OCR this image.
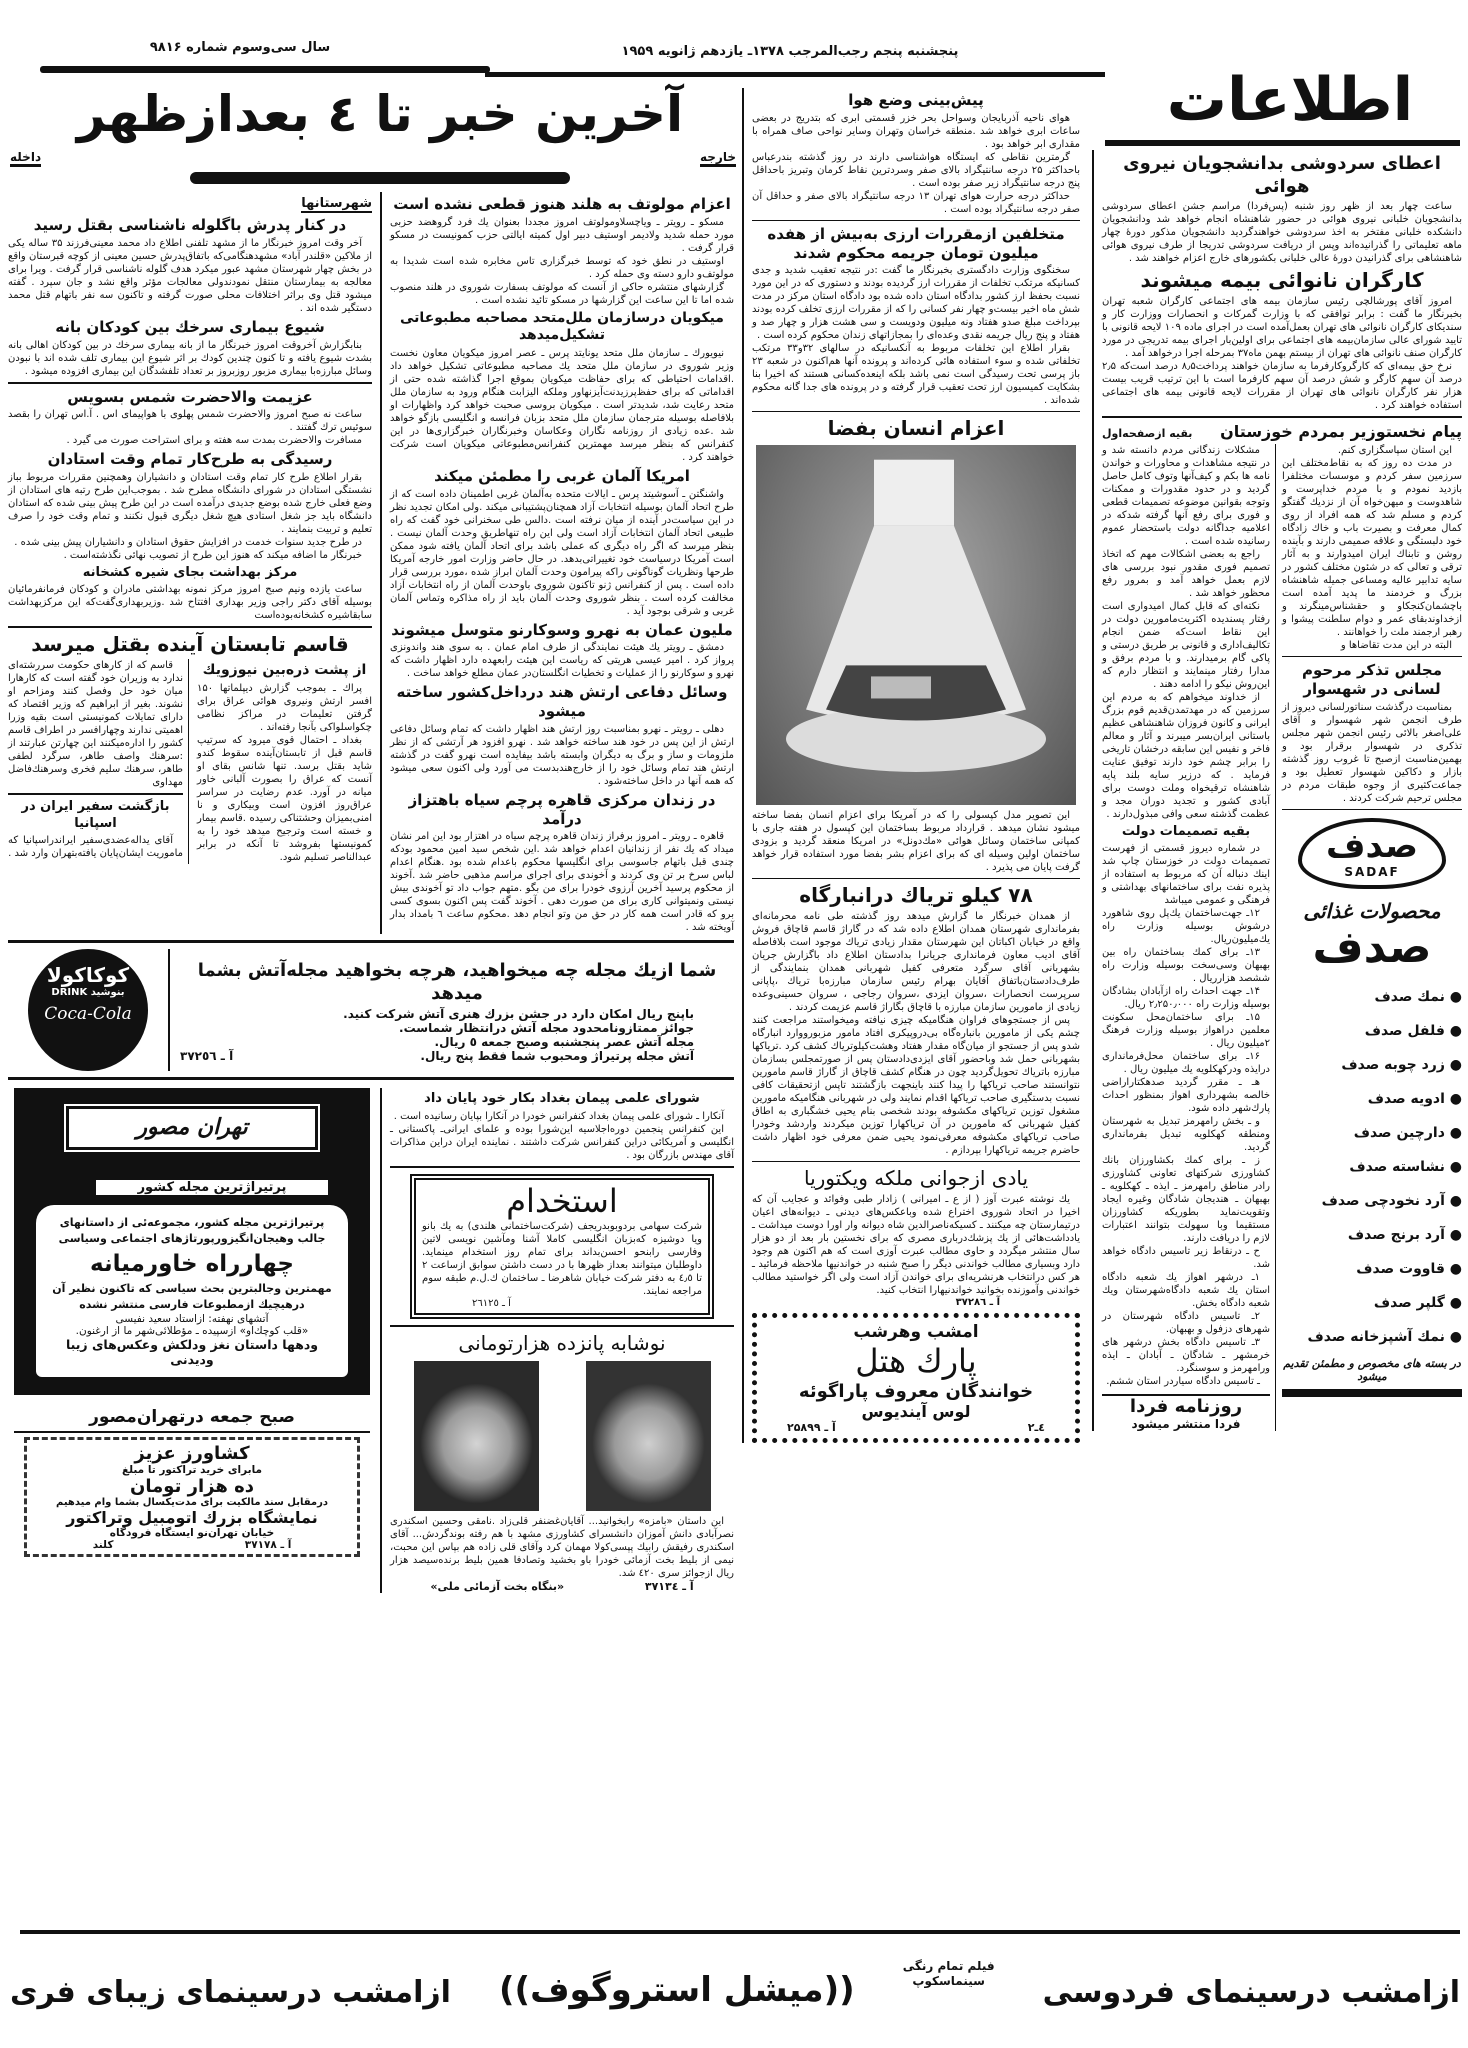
پنجشنبه پنجم رجب‌المرجب ۱۳۷۸ـ یازدهم ژانویه ۱۹۵۹
سال سی‌وسوم شماره ۹۸۱۶
اطلاعات
آخرین خبر تا ٤ بعدازظهر
داخله	خارجه	اعطای سردوشی بدانشجویان نیروی هوائی

ساعت چهار بعد از ظهر روز شنبه (پس‌فردا) مراسم جشن اعطای سردوشی بدانشجویان خلبانی نیروی هوائی در حضور شاهنشاه انجام خواهد شد ودانشجویان دانشکده خلبانی مفتخر به اخذ سردوشی خواهندگردید دانشجویان مذکور دورهٔ چهار ماهه تعلیماتی را گذرانیده‌اند وپس از دریافت سردوشی تدریجا از طرف نیروی هوائی شاهنشاهی برای گذرانیدن دورهٔ عالی خلبانی بکشورهای خارج اعزام خواهند شد .

کارگران نانوائی بیمه میشوند

امروز آقای پورشالچی رئیس سازمان بیمه های اجتماعی کارگران شعبه تهران بخبرنگار ما گفت : برابر توافقی که با وزارت گمرکات و انحصارات ووزارت کار و سندیکای کارگران نانوائی های تهران بعمل‌آمده است در اجرای ماده ۱۰۹ لایحه قانونی با تایید شورای عالی سازمان‌بیمه های اجتماعی برای اولین‌بار اجرای بیمه تدریجی در مورد کارگران صنف نانوائی های تهران از بیستم بهمن ماه۳۷ بمرحله اجرا درخواهد آمد .

نرخ حق بیمه‌ای که کارگروکارفرما به سازمان خواهند پرداخت۸٫۵ درصد است‌که ۲٫۵ درصد آن سهم کارگر و شش درصد آن سهم کارفرما است با این ترتیب قریب بیست هزار نفر کارگران نانوائی های تهران از مقررات لایحه قانونی بیمه های اجتماعی استفاده خواهند کرد .

پیام نخستوزیر بمردم خوزستان
بقیه ازصفحه‌اول

این استان سپاسگزاری کنم.

در مدت ده روز که به نقاط‌مختلف این سرزمین سفر کردم و موسسات مختلفرا بازدید نمودم و با مردم خداپرست و شاهدوست و میهن‌خواه آن از نزدیك گفتگو کردم و مسلم شد که همه افراد از روی کمال معرفت و بصیرت باب و خاك زادگاه خود دلبستگی و علاقه صمیمی دارند و بآینده روشن و تابناك ایران امیدوارند و به آثار ترقی و تعالی که در شئون مختلف کشور در سایه تدابیر عالیه ومساعی جمیله شاهنشاه بزرگ و خردمند ما پدید آمده است باچشمان‌کنجکاو و حقشناس‌مینگرند و ازخداوندبقای عمر و دوام سلطنت پیشوا و رهبر ارجمند ملت را خواهانند .

البته در این مدت تقاضاها و

مجلس تذکر مرحوم لسانی در شهسوار

بمناسبت درگذشت سناتورلسانی دیروز از طرف انجمن شهر شهسوار و آقای علی‌اصغر بالائی رئیس انجمن شهر مجلس تذکری در شهسوار برقرار بود و بهمین‌مناسبت ازصبح تا غروب روز گذشته بازار و دکاکین شهسوار تعطیل بود و جماعت‌کثیری از وجوه طبقات مردم در مجلس ترحیم شرکت کردند .

صدف
SADAF
محصولات غذائی
صدف
● نمك صدف
● فلفل صدف
● زرد چوبه صدف
● ادویه صدف
● دارچین صدف
● نشاسته صدف
● آرد نخودچی صدف
● آرد برنج صدف
● قاووت صدف
● گلپر صدف
● نمك آشپزخانه صدف
در بسته های مخصوص و مطمئن تقدیم میشود

مشکلات زندگانی مردم دانسته شد و در نتیجه مشاهدات و محاورات و خواندن نامه ها بکم و کیف‌آنها وتوف کامل حاصل گردید و در حدود مقدورات و ممکنات وتوجه بقوانین موضوعه تصمیمات قطعی و فوری برای رفع آنها گرفته شدکه در اعلامیه جداگانه دولت باستحضار عموم رسانیده شده است .

راجع به بعضی اشکالات مهم که اتخاذ تصمیم فوری مقدور نبود بررسی های لازم بعمل خواهد آمد و بمرور رفع محظور خواهد شد .

نکته‌ای که قابل کمال امیدواری است رفتار پسندیده اکثریت‌مامورین دولت در این نقاط است‌که ضمن انجام تکالیف‌اداری و قانونی بر طریق درستی و پاکی گام برمیدارند. و با مردم برفق و مدارا رفتار مینمایند و انتظار دارم که این‌روش نیکو را ادامه دهند .

از خداوند میخواهم که به مردم این سرزمین که در مهدتمدن‌قدیم قوم بزرگ ایرانی و کانون فروزان شاهنشاهی عظیم باستانی ایران‌بسر میبرند و آثار و معالم فاخر و نفیس این سابقه درخشان تاریخی را برابر چشم خود دارند توفیق عنایت فرماید . که درزیر سایه بلند پایه شاهنشاه ترقیخواه وملت دوست برای آبادی کشور و تجدید دوران مجد و عظمت گذشته سعی وافی مبذول‌دارند .

بقیه تصمیمات دولت

در شماره دیروز قسمتی از فهرست تصمیمات دولت در خوزستان چاپ شد اینك دنباله آن که مربوط به استفاده از پذیره نفت برای ساختمانهای بهداشتی و فرهنگی و عمومی میباشد

۱۲ـ جهت‌ساختمان یك‌پل روی شاهورد درشوش بوسیله وزارت راه یك‌میلیون‌ریال.

۱۳ـ برای کمك بساختمان راه بین بهبهان وسی‌سخت بوسیله وزارت راه ششصد هزارریال .

۱۴ـ جهت احداث راه ازآبادان بشادگان بوسیله وزارت راه ۲٫۲۵۰٫۰۰۰ ریال.

۱۵ـ برای ساختمان‌محل سکونت معلمین دراهواز بوسیله وزارت فرهنگ ۲میلیون ریال .

۱۶ـ برای ساختمان محل‌فرمانداری درایذه ودرکهکلویه یك میلیون ریال .

هـ ـ مقرر گردید صدهکتاراراضی خالصه بشهرداری اهواز بمنظور احداث پارك‌شهر داده شود.

و ـ بخش رامهرمز تبدیل به شهرستان ومنطقه کهکلویه تبدیل بفرمانداری گردید.

ز ـ برای کمك بکشاورزان بانك کشاورزی شرکتهای تعاونی کشاورزی رادر مناطق رامهرمز ـ ایذه ـ کهکلویه ـ بهبهان ـ هندیجان شادگان وغیره ایجاد وتقویت‌نماید بطوریکه کشاورزان مستقیما وبا سهولت بتوانند اعتبارات لازم را دریافت دارند.

ح ـ درنقاط زیر تاسیس دادگاه خواهد شد.

۱ـ درشهر اهواز یك شعبه دادگاه استان یك شعبه دادگاه‌شهرستان ویك شعبه دادگاه بخش.

۲ـ تاسیس دادگاه شهرستان در شهرهای دزفول و بهبهان.

۳ـ تاسیس دادگاه بخش درشهر های خرمشهر ـ شادگان ـ آبادان ـ ایذه ورامهرمز و سوسنگرد.

ـ تاسیس دادگاه سیاردر استان ششم.

روزنامه فردا
فردا منتشر میشود
پیش‌بینی وضع هوا

هوای ناحیه آذربایجان وسواحل بحر خزر قسمتی ابری که بتدریج در بعضی ساعات ابری خواهد شد .منطقه خراسان وتهران وسایر نواحی صاف همراه با مقداری ابر خواهد بود .

گرمترین نقاطی که ایستگاه هواشناسی دارند در روز گذشته بندرعباس باحداکثر ۲۵ درجه سانتیگراد بالای صفر وسردترین نقاط کرمان وتبریز باحداقل پنج درجه سانتیگراد زیر صفر بوده است .

حداکثر درجه حرارت هوای تهران ۱۳ درجه سانتیگراد بالای صفر و حداقل آن صفر درجه سانتیگراد بوده است .

متخلفین ازمقررات ارزی به‌بیش از هفده میلیون تومان جریمه محکوم شدند

سخنگوی وزارت دادگستری بخبرنگار ما گفت :در نتیجه تعقیب شدید و جدی کسانیکه مرتکب تخلفات از مقررات ارز گردیده بودند و دستوری که در این مورد نسبت بحفظ ارز کشور بدادگاه استان داده شده بود دادگاه استان مرکز در مدت شش ماه اخیر بیست‌و چهار نفر کسانی را که از مقررات ارزی تخلف کرده بودند بپرداخت مبلغ صدو هفتاد ونه میلیون ودویست و سی هشت هزار و چهار صد و هفتاد و پنج ریال جریمه نقدی وعده‌ای را بمجازاتهای زندان محکوم کرده است .

بقرار اطلاع این تخلفات مربوط به آنکسانیکه در سالهای ۳۲و۳۳ مرتکب تخلفاتی شده و سوء استفاده هائی کرده‌اند و پرونده آنها هم‌اکنون در شعبه ۲۳ باز پرسی تحت رسیدگی است نمی باشد بلکه اینعده‌کسانی هستند که اخیرا بنا بشکایت کمیسیون ارز تحت تعقیب قرار گرفته و در پرونده های جدا گانه محکوم شده‌اند .

اعزام انسان بفضا

این تصویر مدل کپسولی را که در آمریکا برای اعزام انسان بفضا ساخته میشود نشان میدهد . قرارداد مربوط بساختمان این کپسول در هفته جاری با کمپانی ساختمان وسائل هوائی «مك‌دونل» در امریکا منعقد گردید و بزودی ساختمان اولین وسیله ای که برای اعزام بشر بفضا مورد استفاده قرار خواهد گرفت پایان می پذیرد .

۷۸ کیلو تریاك درانبارگاه

از همدان خبرنگار ما گزارش میدهد روز گذشته طی نامه محرمانه‌ای بفرمانداری شهرستان همدان اطلاع داده شد که در گاراژ قاسم قاچاق فروش واقع در خیابان اکباتان این شهرستان مقدار زیادی تریاك موجود است بلافاصله آقای ادیب معاون فرمانداری جریانرا بدادستان اطلاع داد باگزارش جریان بشهربانی آقای سرگرد متعرفی کفیل شهربانی همدان بنمایندگی از طرف‌دادستان‌باتفاق آقایان بهرام رئیس سازمان مبارزه‌با تریاك ،پاپانی سرپرست انحصارات ،سروان ایزدی ،سروان رجاجی ، سروان حسینی‌وعده زیادی از مامورین سازمان مبارزه با قاچاق بگاراژ قاسم عزیمت کردند .

پس از جستجوهای فراوان هنگامیکه چیزی نیافته ومیخواستند مراجعت کنند چشم یکی از مامورین بانباره‌گاه بی‌درو‌پیکری افتاد مامور مزبورووارد انبارگاه شدو پس از جستجو از میان‌گاه مقدار هفتاد وهشت‌کیلوتریاك کشف کرد .تریاکها بشهربانی حمل شد وباحضور آقای ایزدی‌دادستان پس از صورتمجلس بسازمان مبارزه باتریاك تحویل‌گردید چون در هنگام کشف قاچاق از گاراژ قاسم مامورین نتوانستند صاحب تریاکها را پیدا کنند باینجهت بازگشتند تاپس ازتحقیقات کافی نسبت بدستگیری صاحب تریاکها اقدام نمایند ولی در شهربانی هنگامیکه مامورین مشغول توزین تریاکهای مکشوفه بودند شخصی بنام یحیی خشگباری به اطاق کفیل شهربانی که مامورین در آن تریاکهارا توزین میکردند واردشد وخودرا صاحب تریاکهای مکشوفه معرفی‌نمود یحیی ضمن معرفی خود اظهار داشت حاضرم جریمه تریاکهارا بپردازم .

یادی ازجوانی ملکه ویکتوریا

یك نوشته عبرت آوز ( از ع ـ امیرانی ) زادار طبی وفوائد و عجایب آن که اخیرا در اتحاد شوروی اختراع شده وباعکس‌های دیدنی ـ دیوانه‌های اعیان درتیمارستان چه میکنند ـ کسیکه‌ناصرالدین شاه دیوانه وار اورا دوست میداشت ـ یادداشت‌هائی از یك پزشك‌درباری مصری که برای نخستین بار بعد از دو هزار سال منتشر میگردد و حاوی مطالب عبرت آوزی است که هم اکنون هم وجود دارد وبسیاری مطالب خواندنی دیگر را صبح شنبه در خواندنیها ملاحظه فرمائید ـ هر کس درانتخاب هرنشریه‌ای برای خواندن آزاد است ولی اگر خواستید مطالب خواندنی وآموزنده بخوانید خواندنیهارا انتخاب کنید.

آ ـ ۳۷۲۸٦
امشب وهرشب
پارك هتل
خوانندگان معروف پاراگوئه
لوس آیندیوس
٤ـ۲
آ ـ ۲۵۸۹۹
اعزام مولوتف به هلند هنوز قطعی نشده است

مسکو ـ رویتر ـ ویاچسلاومولوتف امروز مجددا بعنوان یك فرد گروهضد حزبی مورد حمله شدید ولادیمر اوستیف دبیر اول کمیته ایالتی حزب کمونیست در مسکو قرار گرفت .

اوستیف در نطق خود که توسط خبرگزاری تاس مخابره شده است شدیدا به مولوتف‌و دارو دسته وی حمله کرد .

گزارشهای منتشره حاکی از آنست که مولوتف بسفارت شوروی در هلند منصوب شده اما تا این ساعت این گزارشها در مسکو تائید نشده است .

میکویان درسازمان ملل‌متحد مصاحبه مطبوعاتی تشکیل‌میدهد

نیویورك ـ سازمان ملل متحد یونایتد پرس ـ عصر امروز میکویان معاون نخست وزیر شوروی در سازمان ملل متحد یك مصاحبه مطبوعاتی تشکیل خواهد داد .اقدامات احتیاطی که برای حفاظت میکویان بموقع اجرا گذاشته شده حتی از اقداماتی که برای حفظ‌پرزیدنت‌آیزنهاور وملکه الیزابت هنگام ورود به سازمان ملل متحد رعایت شد، شدیدتر است . میکویان بروسی صحبت خواهد کرد واظهارات او بلافاصله بوسیله مترجمان سازمان ملل متحد بزبان فرانسه و انگلیسی بازگو خواهد شد .عده زیادی از روزنامه نگاران وعکاسان وخبرنگاران خبرگزاری‌ها در این کنفرانس که بنظر میرسد مهمترین کنفرانس‌مطبوعاتی میکویان است شرکت خواهند کرد .

امریکا آلمان غربی را مطمئن میکند

واشنگتن ـ آسوشیتد پرس ـ ایالات متحده به‌آلمان غربی اطمینان داده است که از طرح اتحاد آلمان بوسیله انتخابات آزاد همچنان‌پشتیبانی میکند .ولی امکان تجدید نظر در این سیاست‌در آینده از میان نرفته است .دالس طی سخنرانی خود گفت که راه طبیعی اتحاد آلمان انتخابات آزاد است ولی این راه تنهاطریق وحدت آلمان نیست . بنظر میرسد که اگر راه دیگری که عملی باشد برای اتحاد آلمان یافته شود ممکن است آمریکا درسیاست خود تغییراتی‌بدهد. در حال حاضر وزارت امور خارجه آمریکا طرحها ونظریات گوناگونی راکه پیرامون وحدت آلمان ابراز شده ،مورد بررسی قرار داده است . پس از کنفرانس ژنو تاکنون شوروی باوحدت آلمان از راه انتخابات آزاد مخالفت کرده است . بنظر شوروی وحدت آلمان باید از راه مذاکره وتماس آلمان غربی و شرقی بوجود آید .

ملیون عمان به نهرو وسوکارنو متوسل میشوند

دمشق ـ رویتر یك هیئت نمایندگی از طرف امام عمان . به سوی هند واندونزی پرواز کرد . امیر عیسی هریتی که ریاست این هیئت رابعهده دارد اظهار داشت که نهرو و سوکارنو را از عملیات و تخطیات انگلستان‌در عمان مطلع خواهد ساخت .

وسائل دفاعی ارتش هند درداخل‌کشور ساخته میشود

دهلی ـ رویتر ـ نهرو بمناسبت روز ارتش هند اظهار داشت که تمام وسائل دفاعی ارتش از این پس در خود هند ساخته خواهد شد . نهرو افزود هر آرتشی که از نظر ملزومات و ساز و برگ به دیگران وابسته باشد بیفایده است نهرو گفت در گذشته ارتش هند تمام وسائل خود را از خارج‌هندبدست می آورد ولی اکنون سعی میشود که همه آنها در داخل ساخته‌شود .

در زندان مرکزی قاهره پرچم سیاه باهتزاز درآمد

قاهره ـ رویتر ـ امروز برفراز زندان قاهره پرچم سیاه در اهتزار بود این امر نشان میداد که یك نفر از زندانیان اعدام خواهد شد .این شخص سید امین محمود بودکه چندی قبل باتهام جاسوسی برای انگلیسها محکوم باعدام شده بود .هنگام اعدام لباس سرخ بر تن وی کردند و آخوندی برای اجرای مراسم مذهبی حاضر شد .آخوند از محکوم پرسید آخرین آرزوی خودرا برای من بگو .متهم جواب داد تو آخوندی بیش نیستی ونمیتوانی کاری برای من صورت دهی . آخوند گفت پس اکنون بسوی کسی برو که قادر است همه کار در حق من وتو انجام دهد .محکوم ساعت ٦ بامداد بدار آویخته شد .

شهرستانها
در کنار پدرش باگلوله ناشناسی بقتل رسید

آخر وقت امروز خبرنگار ما از مشهد تلفنی اطلاع داد محمد معینی‌فرزند ۳۵ ساله یکی از ملاکین «قلندر آباد» مشهدهنگامی‌که باتفاق‌پدرش حسین معینی از کوچه قبرستان واقع در بخش چهار شهرستان مشهد عبور میکرد هدف گلوله ناشناسی قرار گرفت . ویرا برای معالجه به بیمارستان منتقل نمودندولی معالجات مؤثر واقع نشد و جان سپرد . گفته میشود قتل وی براثر اختلافات محلی صورت گرفته و تاکنون سه نفر باتهام قتل محمد دستگیر شده اند .

شیوع بیماری سرخك بین کودکان بانه

بنابگزارش آخروقت امروز خبرنگار ما از بانه بیماری سرخك در بین کودکان اهالی بانه بشدت شیوع یافته و تا کنون چندین کودك بر اثر شیوع این بیماری تلف شده اند با نبودن وسائل مبارزه‌با بیماری مزبور روزبروز بر تعداد تلفشدگان این بیماری افزوده میشود .

عزیمت والاحضرت شمس بسویس

ساعت نه صبح امروز والاحضرت شمس پهلوی با هواپیمای اس . آ.اس تهران را بقصد سوئیس ترك گفتند .

مسافرت والاحضرت بمدت سه هفته و برای استراحت صورت می گیرد .

رسیدگی به طرح‌کار تمام وقت استادان

بقرار اطلاع طرح کار تمام وقت استادان و دانشیاران وهمچنین مقررات مربوط بباز نشستگی استادان در شورای دانشگاه مطرح شد . بموجب‌این طرح رتبه های استادان از وضع فعلی خارج شده بوضع جدیدی درآمده است در این طرح پیش بینی شده که استادان دانشگاه باید جز شغل استادی هیچ شغل دیگری قبول نکنند و تمام وقت خود را صرف تعلیم و تربیت بنمایند .

در طرح جدید سنوات خدمت در افزایش حقوق استادان و دانشیاران پیش بینی شده .

خبرنگار ما اضافه میکند که هنوز این طرح از تصویب نهائی نگذشته‌است .

مرکز بهداشت بجای شیره کشخانه

ساعت یازده ونیم صبح امروز مرکز نمونه بهداشتی مادران و کودکان فرمانفرمائیان بوسیله آقای دکتر راجی وزیر بهداری افتتاح شد .وزیربهداری‌گفت‌که این مرکزبهداشت سابقاشیره کشخانه‌بوده‌است

قاسم تابستان آینده بقتل میرسد
از پشت ذره‌بین نیوزویك

پراك ـ بموجب گزارش دیپلماتها ۱۵۰ افسر ارتش ونیروی هوائی عراق برای گرفتن تعلیمات در مراکز نظامی چکواسلواکی بآنجا رفته‌اند .

بغداد ـ احتمال قوی میرود که سرتیپ قاسم قبل از تابستان‌آینده سقوط کندو شاید بقتل برسد. تنها شانس بقای او آنست که عراق را بصورت آلبانی خاور میانه در آورد. عدم رضایت در سراسر عراق‌روز افزون است وبیکاری و نا امنی‌بمیزان وحشتناکی رسیده .قاسم بیمار و خسته است وترجیح میدهد خود را به کمونیستها بفروشد تا آنکه در برابر عبدالناصر تسلیم شود.

قاسم که از کارهای حکومت سررشته‌ای ندارد به وزیران خود گفته است که کارهارا میان خود حل وفصل کنند ومزاحم او نشوند. بغیر از ابراهیم که وزیر اقتصاد که دارای تمایلات کمونیستی است بقیه وزرا اهمیتی ندارند وچهارافسر در اطراف قاسم کشور را اداره‌میکنند این چهارتن عبارتند از :سرهنك واصف طاهر، سرگرد لطفی طاهر، سرهنك سلیم فخری وسرهنك‌فاضل مهداوی

بازگشت سفیر ایران در اسپانیا

آقای یداله‌عضدی‌سفیر ایراندراسپانیا که ماموریت ایشان‌پایان یافته‌بتهران وارد شد .

شما ازیك مجله چه میخواهید، هرچه بخواهید مجله‌آتش بشما میدهد
باپنج ریال امکان دارد در جشن بزرك هنری آتش شرکت کنید.
جوائز ممتازونامحدود مجله آتش درانتظار شماست.
مجله آتش عصر پنجشنبه وصبح جمعه ٥ ریال.
آتش مجله پرتیراژ ومحبوب شما فقط پنج ریال.
آ ـ ۳۷۲٥٦
کوکاکولا
DRINK بنوشید
Coca-Cola
شورای علمی پیمان بغداد بکار خود پایان داد

آنکارا ـ شورای علمی پیمان بغداد کنفرانس خودرا در آنکارا بپایان رسانیده است .

این کنفرانس پنجمین دوره‌اجلاسیه این‌شورا بوده و علمای ایرانی‌ـ پاکستانی ـ انگلیسی و آمریکائی دراین کنفرانس شرکت داشتند . نماینده ایران دراین مذاکرات آقای مهندس بازرگان بود .

استخدام

شرکت سهامی بردوبوبدریجف (شرکت‌ساختمانی هلندی) به یك بانو ویا دوشیزه که‌بزبان انگلیسی کاملا آشنا ومآشین نویسی لاتین وفارسی رابنحو احسن‌بداند برای تمام روز استخدام مینماید. داوطلبان میتوانند بعداز ظهرها با در دست داشتن سوابق ازساعت ۲ تا ٤٫٥ به دفتر شرکت خیابان شاهرضا ـ ساختمان ك.ل.م طبقه سوم مراجعه نمایند.

آ ـ ۲٦۱۲٥
نوشابه پانزده هزارتومانی

این داستان «بامزه» رابخوانید... آقایان‌غضنفر قلی‌زاد .نامقی وحسین اسکندری نصرآبادی دانش آموزان دانشسرای کشاورزی مشهد با هم رفته بوندگردش... آقای اسکندری رفیقش رابیك پپسی‌کولا مهمان کرد وآقای قلی زاده هم بپاس این محبت، نیمی از بلیط بخت آزمائی خودرا باو بخشید وتصادفا همین بلیط برنده‌سیصد هزار ریال ازجوائز سری ٤۲۰ شد.

آ ـ ۳۷۱۳٤
«بنگاه بخت آزمائی ملی»
تهران مصور
پرتیراژترین مجله کشور
پرتیراژترین مجله کشور، مجموعه‌ئی از داستانهای جالب وهیجان‌انگیزورپورتاژهای اجتماعی وسیاسی
چهارراه خاورمیانه
مهمترین وجالبترین بحث سیاسی که تاکنون نظیر آن درهیچیك ازمطبوعات فارسی منتشر نشده
آتشهای نهفته: ازاستاد سعید نفیسی
«قلب کوچك‌او» ازسپیده ـ مؤطلائی‌شهر ما از ارغنون.
ودهها داستان نغز ودلکش وعکس‌های زیبا ودیدنی
صبح جمعه درتهران‌مصور
کشاورز عزیز
مابرای خرید تراکتور تا مبلغ
ده هزار تومان
درمقابل سند مالکیت برای مدت‌یکسال بشما وام میدهیم
نمایشگاه بزرك اتومبیل وتراکتور
خیابان تهران‌نو ایستگاه فرودگاه
آ ـ ۳۷۱۷۸
کلند
ازامشب درسینمای فردوسی
فیلم تمام رنگی
سینماسکوپ
((میشل استروگوف))
ازامشب درسینمای زیبای فری
